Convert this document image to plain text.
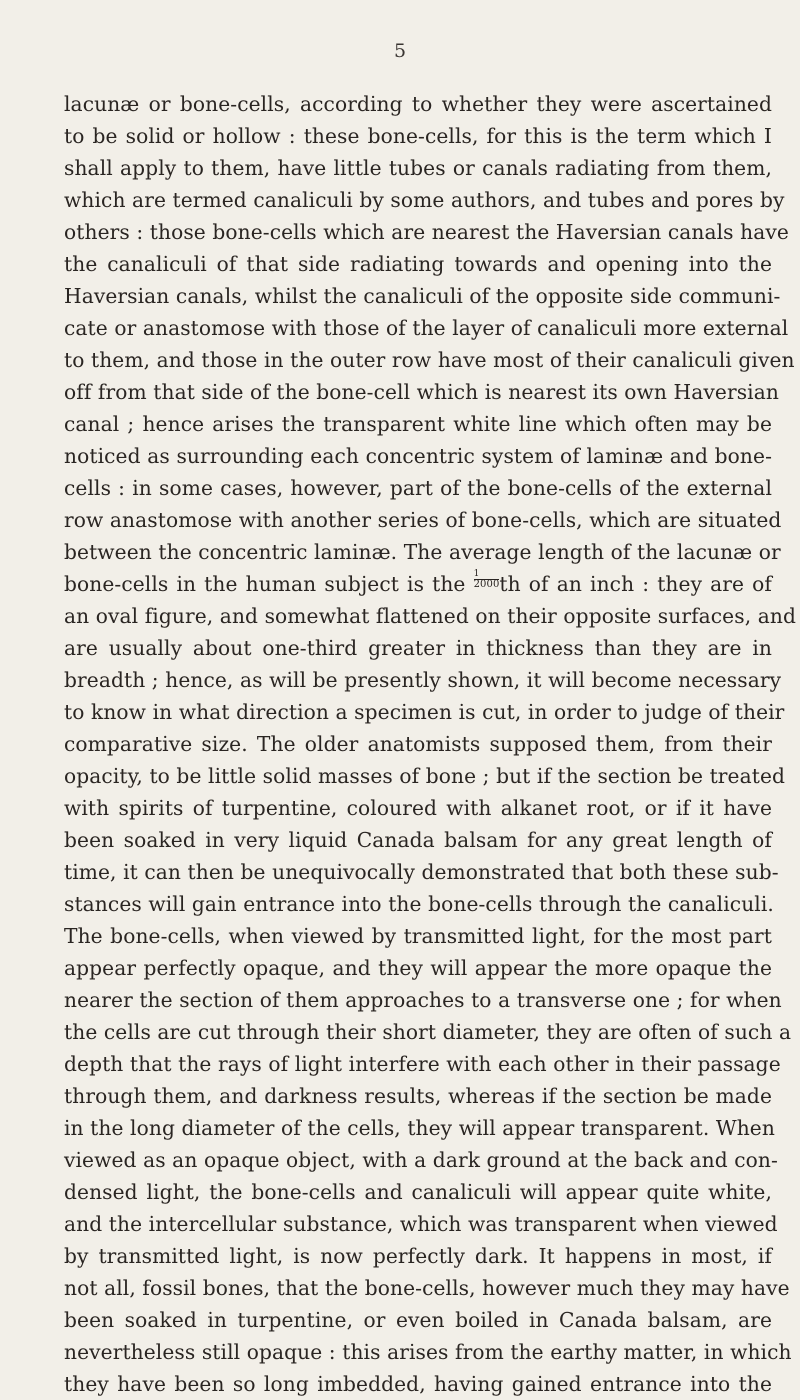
5
lacunæ or bone-cells, according to whether they were ascertained
to be solid or hollow : these bone-cells, for this is the term which I
shall apply to them, have little tubes or canals radiating from them,
which are termed canaliculi by some authors, and tubes and pores by
others : those bone-cells which are nearest the Haversian canals have
the canaliculi of that side radiating towards and opening into the
Haversian canals, whilst the canaliculi of the opposite side communi-
cate or anastomose with those of the layer of canaliculi more external
to them, and those in the outer row have most of their canaliculi given
off from that side of the bone-cell which is nearest its own Haversian
canal ; hence arises the transparent white line which often may be
noticed as surrounding each concentric system of laminæ and bone-
cells : in some cases, however, part of the bone-cells of the external
row anastomose with another series of bone-cells, which are situated
between the concentric laminæ. The average length of the lacunæ or
bone-cells in the human subject is the $\frac{1}{2000}$ th of an inch : they are of
an oval figure, and somewhat flattened on their opposite surfaces, and
are usually about one-third greater in thickness than they are in
breadth ; hence, as will be presently shown, it will become necessary
to know in what direction a specimen is cut, in order to judge of their
comparative size. The older anatomists supposed them, from their
opacity, to be little solid masses of bone ; but if the section be treated
with spirits of turpentine, coloured with alkanet root, or if it have
been soaked in very liquid Canada balsam for any great length of
time, it can then be unequivocally demonstrated that both these sub-
stances will gain entrance into the bone-cells through the canaliculi.
The bone-cells, when viewed by transmitted light, for the most part
appear perfectly opaque, and they will appear the more opaque the
nearer the section of them approaches to a transverse one ; for when
the cells are cut through their short diameter, they are often of such a
depth that the rays of light interfere with each other in their passage
through them, and darkness results, whereas if the section be made
in the long diameter of the cells, they will appear transparent. When
viewed as an opaque object, with a dark ground at the back and con-
densed light, the bone-cells and canaliculi will appear quite white,
and the intercellular substance, which was transparent when viewed
by transmitted light, is now perfectly dark. It happens in most, if
not all, fossil bones, that the bone-cells, however much they may have
been soaked in turpentine, or even boiled in Canada balsam, are
nevertheless still opaque : this arises from the earthy matter, in which
they have been so long imbedded, having gained entrance into the
